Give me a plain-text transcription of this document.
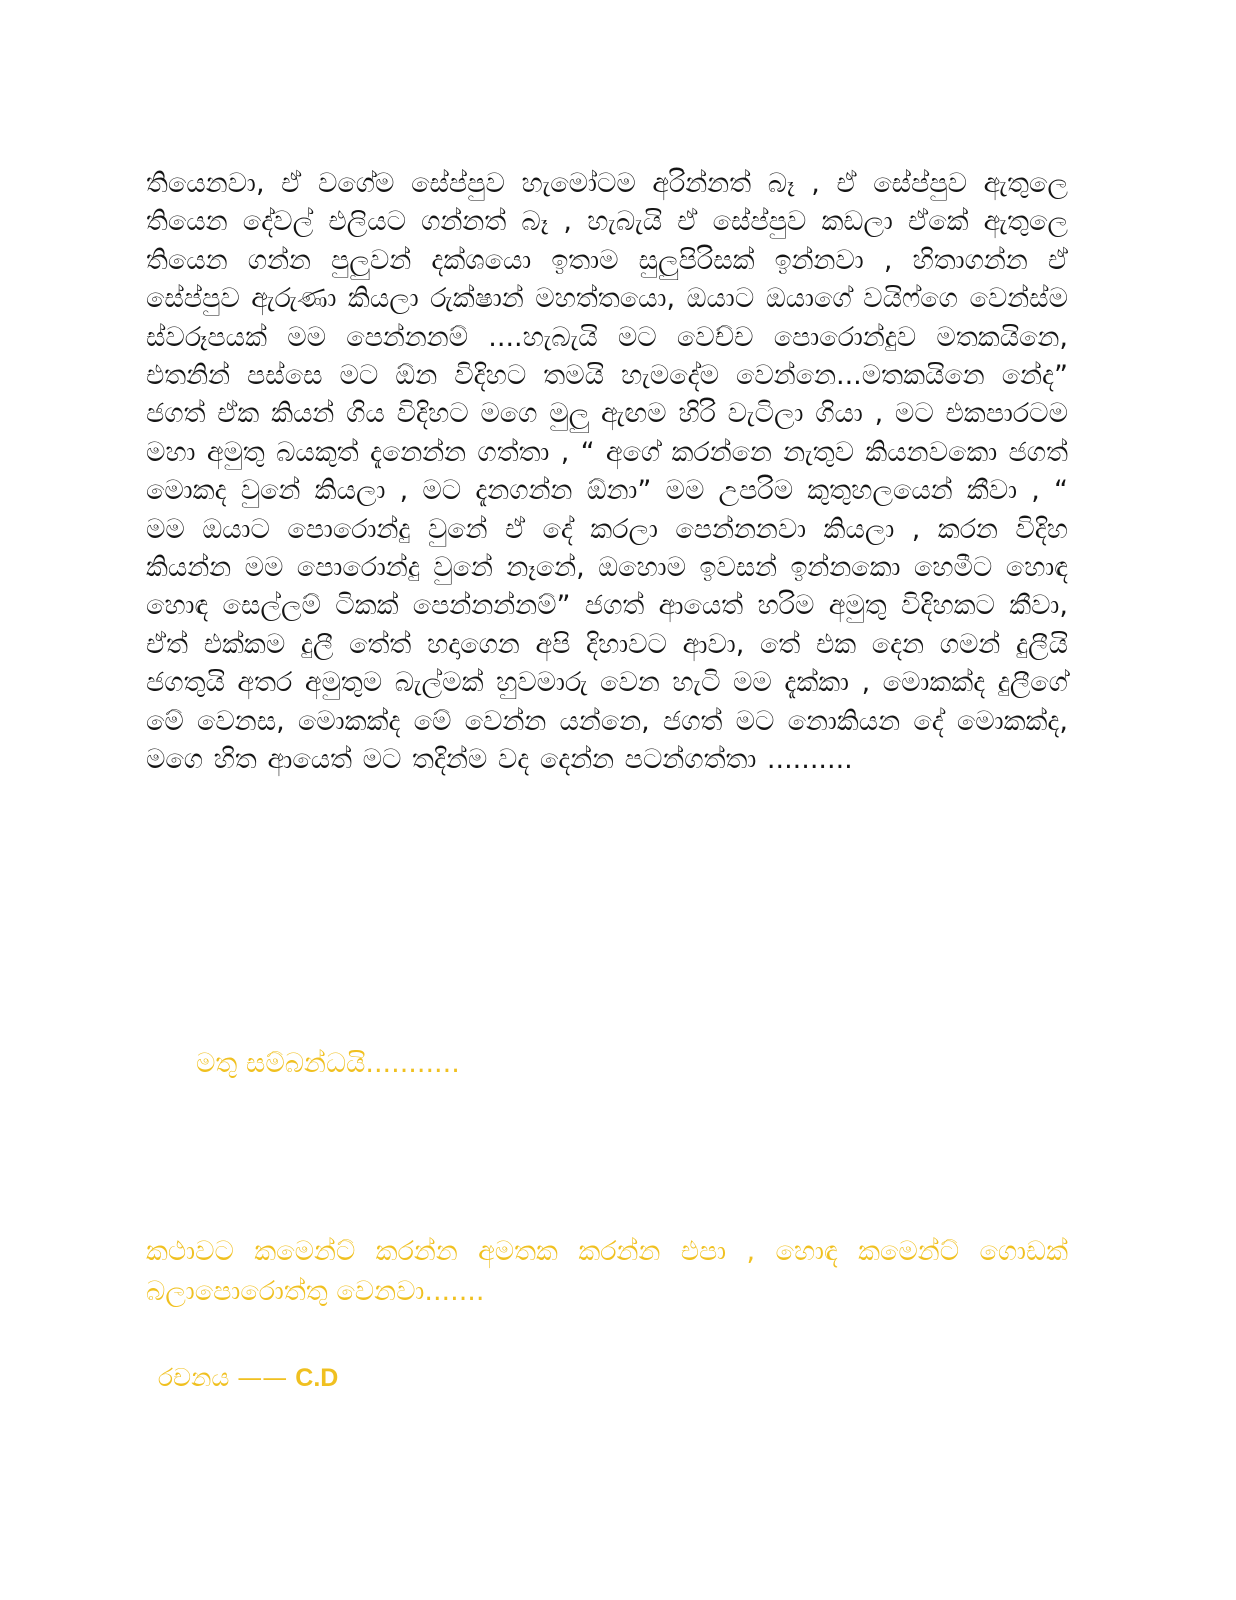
තියෙනවා, ඒ වගේම සේප්පුව හැමෝටම අරින්නත් බෑ , ඒ සේප්පුව ඇතුලෙ තියෙන දේවල් එලියට ගන්නත් බෑ , හැබැයි ඒ සේප්පුව කඩලා ඒකේ ඇතුලෙ තියෙන ගන්න පුලුවන් දක්ශයො ඉතාම සුලුපිරිසක් ඉන්නවා , හිතාගන්න ඒ සේප්පුව ඇරුණා කියලා රුක්ෂාන් මහත්තයො, ඔයාට ඔයාගේ වයිෆ්ගෙ වෙන්ස්ම ස්වරූපයක් මම පෙන්නනම් ....හැබැයි මට වෙච්ච පොරොන්දුව මතකයිනෙ, එතනින් පස්සෙ මට ඕන විදිහට තමයි හැමදේම වෙන්නෙ...මතකයිනෙ නේද” ජගත් ඒක කියන් ගිය විදිහට මගෙ මුලු ඇඟම හිරි වැටිලා ගියා , මට එකපාරටම මහා අමුතු බයකුත් දැනෙන්න ගත්තා , “ අගේ කරන්නෙ නැතුව කියනවකො ජගත් මොකද වුනේ කියලා , මට දැනගන්න ඕනා” මම උපරිම කුතුහලයෙන් කීවා , “ මම ඔයාට පොරොන්දු වුනේ ඒ දේ කරලා පෙන්නනවා කියලා , කරන විදිහ කියන්න මම පොරොන්දු වුනේ නෑනේ, ඔහොම ඉවසන් ඉන්නකො හෙමීට හොඳ හොඳ සෙල්ලම් ටිකක් පෙන්නන්නම්” ජගත් ආයෙත් හරිම අමුතු විදිහකට කීවා, ඒත් එක්කම දුලී තේත් හදාගෙන අපි දිහාවට ආවා, තේ එක දෙන ගමන් දුලීයි ජගතුයි අතර අමුතුම බැල්මක් හුවමාරු වෙන හැටි මම දැක්කා , මොකක්ද දුලීගේ මේ වෙනස, මොකක්ද මේ වෙන්න යන්නෙ, ජගත් මට නොකියන දේ මොකක්ද, මගෙ හිත ආයෙත් මට තදින්ම වද දෙන්න පටන්ගත්තා ..........

මතු සම්බන්ධයි...........

කථාවට කමෙන්ට් කරන්න අමතක කරන්න එපා , හොඳ කමෙන්ට් ගොඩක් බලාපොරොත්තු වෙනවා.......

රචනය —— C.D
